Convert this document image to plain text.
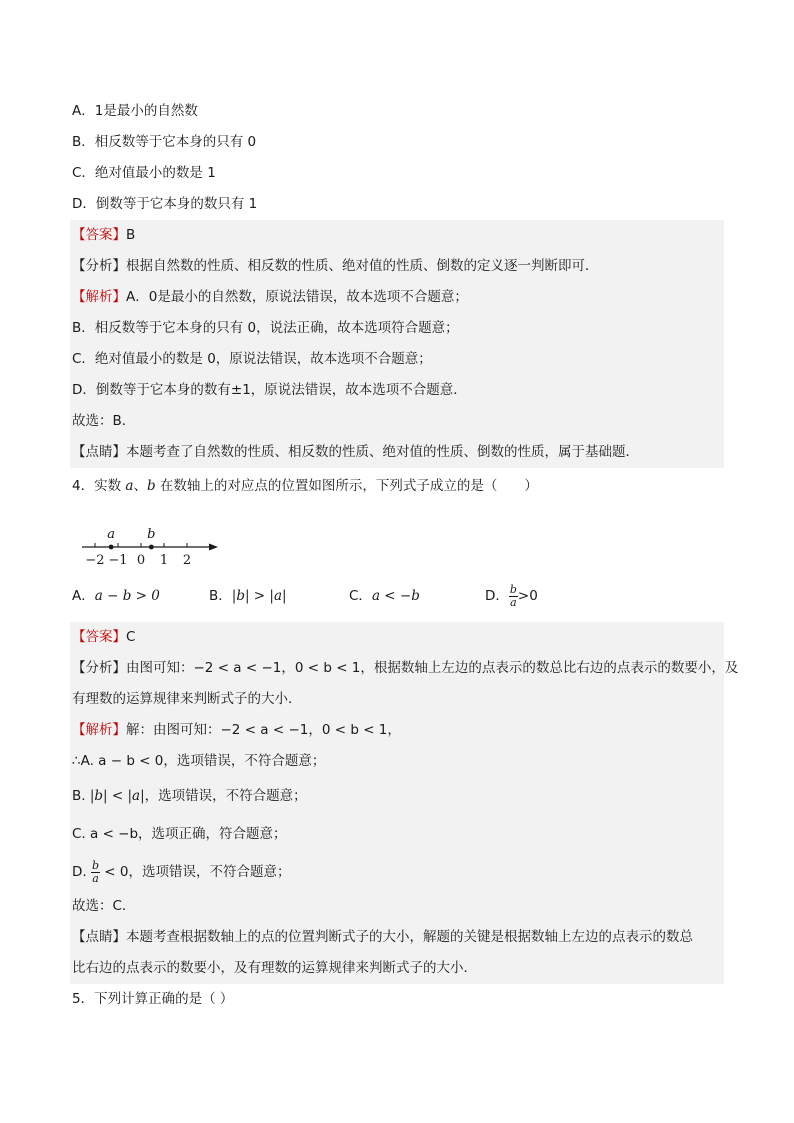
A．1是最小的自然数
B．相反数等于它本身的只有 0
C．绝对值最小的数是 1
D．倒数等于它本身的数只有 1
【答案】B
【分析】根据自然数的性质、相反数的性质、绝对值的性质、倒数的定义逐一判断即可．
【解析】A．0是最小的自然数，原说法错误，故本选项不合题意；
B．相反数等于它本身的只有 0，说法正确，故本选项符合题意；
C．绝对值最小的数是 0，原说法错误，故本选项不合题意；
D．倒数等于它本身的数有±1，原说法错误，故本选项不合题意．
故选：B．
【点睛】本题考查了自然数的性质、相反数的性质、绝对值的性质、倒数的性质，属于基础题．
4．实数 a、b 在数轴上的对应点的位置如图所示，下列式子成立的是（　　）
−2 −1 0 1 2
a b
A．a − b > 0	B．|b| > |a|	C．a < −b	D． $\frac{b}{a} >0$
【答案】C
【分析】由图可知：−2 < a < −1，0 < b < 1，根据数轴上左边的点表示的数总比右边的点表示的数要小，及
有理数的运算规律来判断式子的大小．
【解析】解：由图可知：−2 < a < −1，0 < b < 1，
∴A. a − b < 0，选项错误，不符合题意；
B. |b| < |a|，选项错误，不符合题意；
C. a < −b，选项正确，符合题意；
D. $\frac{b}{a} < 0$，选项错误，不符合题意；
故选：C．
【点睛】本题考查根据数轴上的点的位置判断式子的大小，解题的关键是根据数轴上左边的点表示的数总
比右边的点表示的数要小，及有理数的运算规律来判断式子的大小．
5．下列计算正确的是（ ）
